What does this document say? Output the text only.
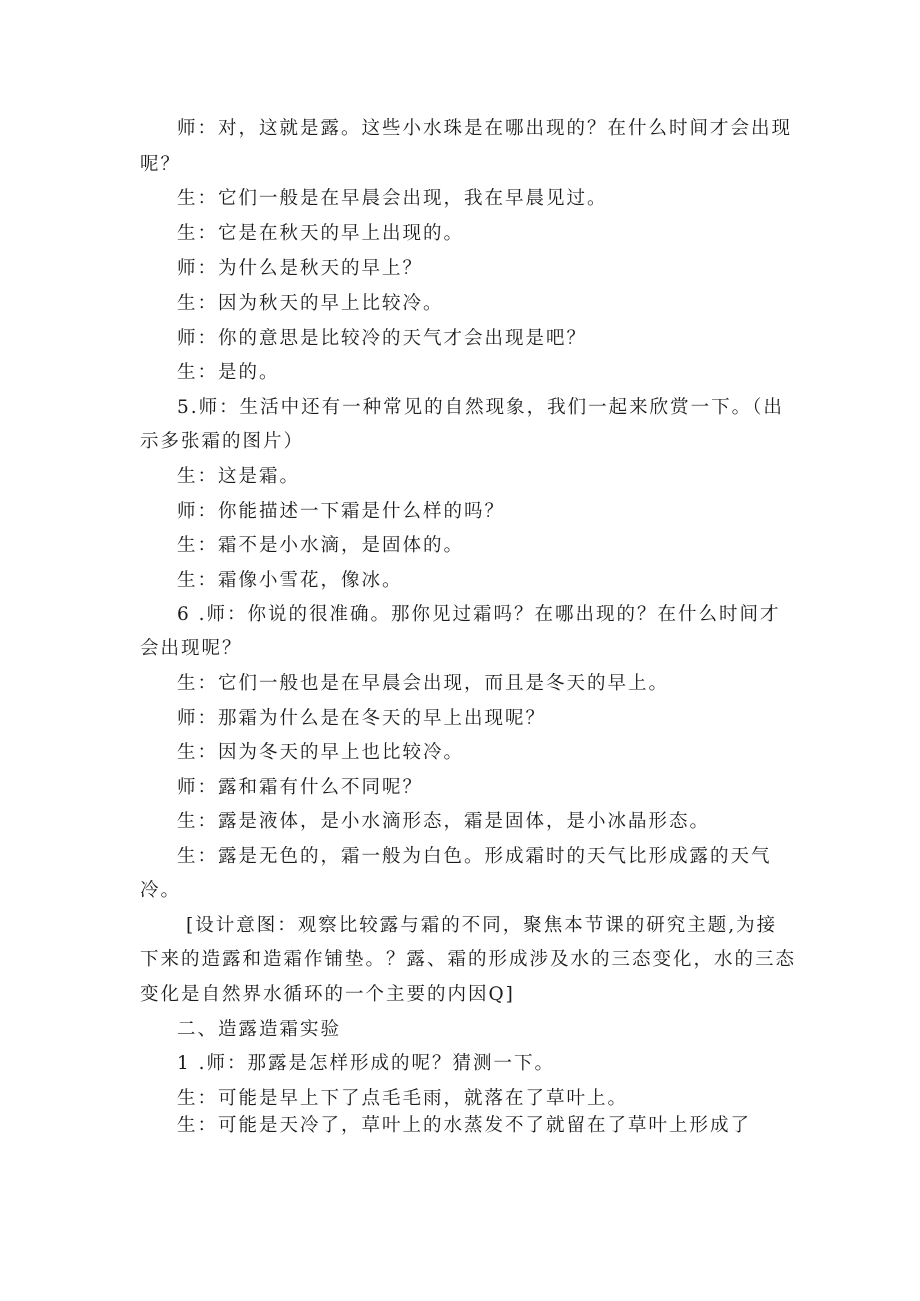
师：对，这就是露。这些小水珠是在哪出现的？在什么时间才会出现
呢？
生：它们一般是在早晨会出现，我在早晨见过。
生：它是在秋天的早上出现的。
师：为什么是秋天的早上？
生：因为秋天的早上比较冷。
师：你的意思是比较冷的天气才会出现是吧？
生：是的。
5.师：生活中还有一种常见的自然现象，我们一起来欣赏一下。（出
示多张霜的图片）
生：这是霜。
师：你能描述一下霜是什么样的吗？
生：霜不是小水滴，是固体的。
生：霜像小雪花，像冰。
6 .师：你说的很准确。那你见过霜吗？在哪出现的？在什么时间才
会出现呢？
生：它们一般也是在早晨会出现，而且是冬天的早上。
师：那霜为什么是在冬天的早上出现呢？
生：因为冬天的早上也比较冷。
师：露和霜有什么不同呢？
生：露是液体，是小水滴形态，霜是固体，是小冰晶形态。
生：露是无色的，霜一般为白色。形成霜时的天气比形成露的天气
冷。
[设计意图：观察比较露与霜的不同，聚焦本节课的研究主题,为接
下来的造露和造霜作铺垫。？露、霜的形成涉及水的三态变化，水的三态
变化是自然界水循环的一个主要的内因Q]
二、造露造霜实验
1 .师：那露是怎样形成的呢？猜测一下。
生：可能是早上下了点毛毛雨，就落在了草叶上。
生：可能是天冷了，草叶上的水蒸发不了就留在了草叶上形成了
